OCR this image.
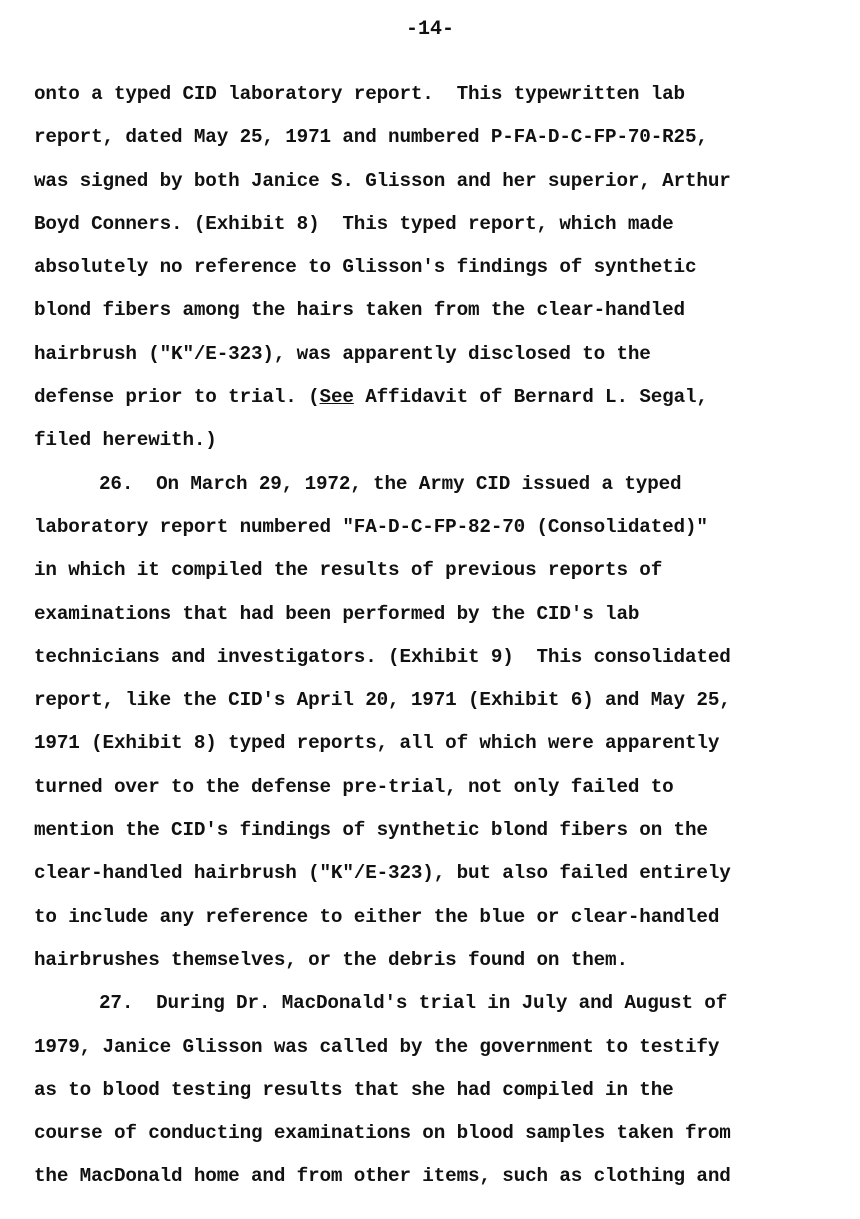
-14-
onto a typed CID laboratory report.  This typewritten lab
report, dated May 25, 1971 and numbered P-FA-D-C-FP-70-R25,
was signed by both Janice S. Glisson and her superior, Arthur
Boyd Conners. (Exhibit 8)  This typed report, which made
absolutely no reference to Glisson's findings of synthetic
blond fibers among the hairs taken from the clear-handled
hairbrush ("K"/E-323), was apparently disclosed to the
defense prior to trial. (See Affidavit of Bernard L. Segal,
filed herewith.)
26.  On March 29, 1972, the Army CID issued a typed
laboratory report numbered "FA-D-C-FP-82-70 (Consolidated)"
in which it compiled the results of previous reports of
examinations that had been performed by the CID's lab
technicians and investigators. (Exhibit 9)  This consolidated
report, like the CID's April 20, 1971 (Exhibit 6) and May 25,
1971 (Exhibit 8) typed reports, all of which were apparently
turned over to the defense pre-trial, not only failed to
mention the CID's findings of synthetic blond fibers on the
clear-handled hairbrush ("K"/E-323), but also failed entirely
to include any reference to either the blue or clear-handled
hairbrushes themselves, or the debris found on them.
27.  During Dr. MacDonald's trial in July and August of
1979, Janice Glisson was called by the government to testify
as to blood testing results that she had compiled in the
course of conducting examinations on blood samples taken from
the MacDonald home and from other items, such as clothing and
